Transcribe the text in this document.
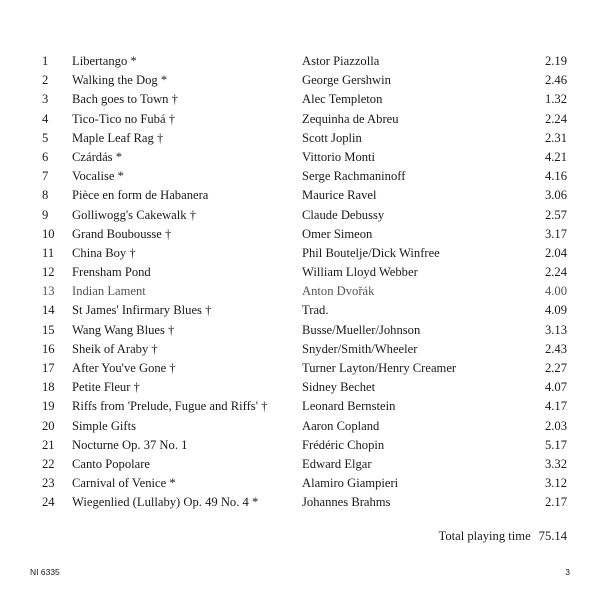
1 Libertango *	Astor Piazzolla	2.19
2 Walking the Dog *	George Gershwin	2.46
3 Bach goes to Town †	Alec Templeton	1.32
4 Tico-Tico no Fubá †	Zequinha de Abreu	2.24
5 Maple Leaf Rag †	Scott Joplin	2.31
6 Czárdás *	Vittorio Monti	4.21
7 Vocalise *	Serge Rachmaninoff	4.16
8 Pièce en form de Habanera	Maurice Ravel	3.06
9 Golliwogg's Cakewalk †	Claude Debussy	2.57
10 Grand Boubousse †	Omer Simeon	3.17
11 China Boy †	Phil Boutelje/Dick Winfree	2.04
12 Frensham Pond	William Lloyd Webber	2.24
13 Indian Lament	Anton Dvořák	4.00
14 St James' Infirmary Blues †	Trad.	4.09
15 Wang Wang Blues †	Busse/Mueller/Johnson	3.13
16 Sheik of Araby †	Snyder/Smith/Wheeler	2.43
17 After You've Gone †	Turner Layton/Henry Creamer	2.27
18 Petite Fleur †	Sidney Bechet	4.07
19 Riffs from 'Prelude, Fugue and Riffs' †	Leonard Bernstein	4.17
20 Simple Gifts	Aaron Copland	2.03
21 Nocturne Op. 37 No. 1	Frédéric Chopin	5.17
22 Canto Popolare	Edward Elgar	3.32
23 Carnival of Venice *	Alamiro Giampieri	3.12
24 Wiegenlied (Lullaby) Op. 49 No. 4 *	Johannes Brahms	2.17
Total playing time 75.14
NI 6335	3
